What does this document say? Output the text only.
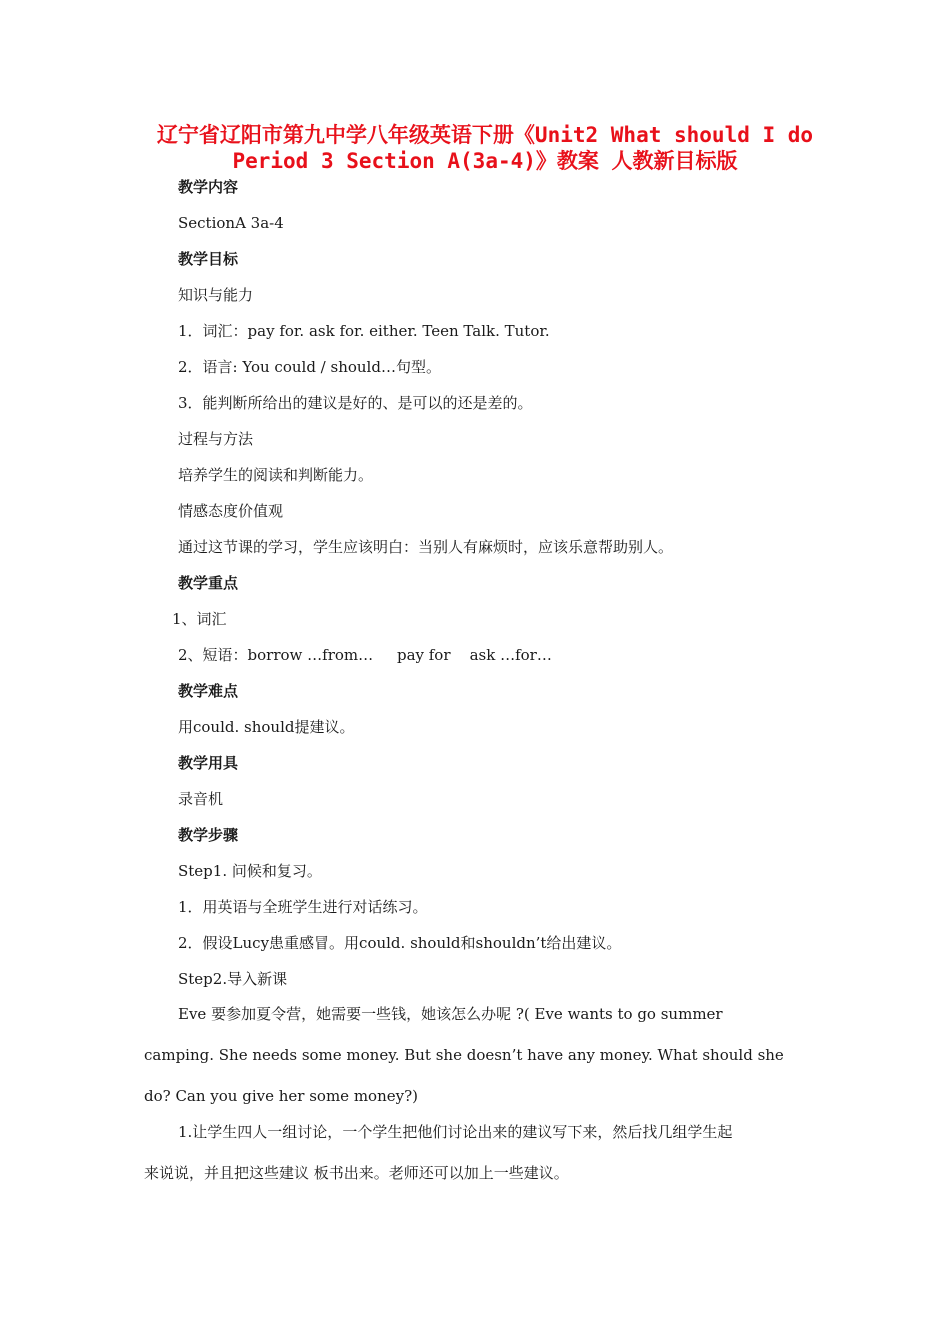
辽宁省辽阳市第九中学八年级英语下册《Unit2 What should I do Period 3 Section A(3a-4)》教案 人教新目标版
教学内容
SectionA 3a-4
教学目标
知识与能力
1．词汇：pay for. ask for. either. Teen Talk. Tutor.
2．语言: You could / should…句型。
3．能判断所给出的建议是好的、是可以的还是差的。
过程与方法
培养学生的阅读和判断能力。
情感态度价值观
通过这节课的学习，学生应该明白：当别人有麻烦时，应该乐意帮助别人。
教学重点
1、词汇
2、短语：borrow …from…     pay for    ask …for…
教学难点
用could. should提建议。
教学用具
录音机
教学步骤
Step1. 问候和复习。
1．用英语与全班学生进行对话练习。
2．假设Lucy患重感冒。用could. should和shouldn’t给出建议。
Step2.导入新课
Eve 要参加夏令营，她需要一些钱，她该怎么办呢 ?( Eve wants to go summer
camping. She needs some money. But she doesn’t have any money. What should she
do? Can you give her some money?)
1.让学生四人一组讨论，一个学生把他们讨论出来的建议写下来，然后找几组学生起
来说说，并且把这些建议 板书出来。老师还可以加上一些建议。
